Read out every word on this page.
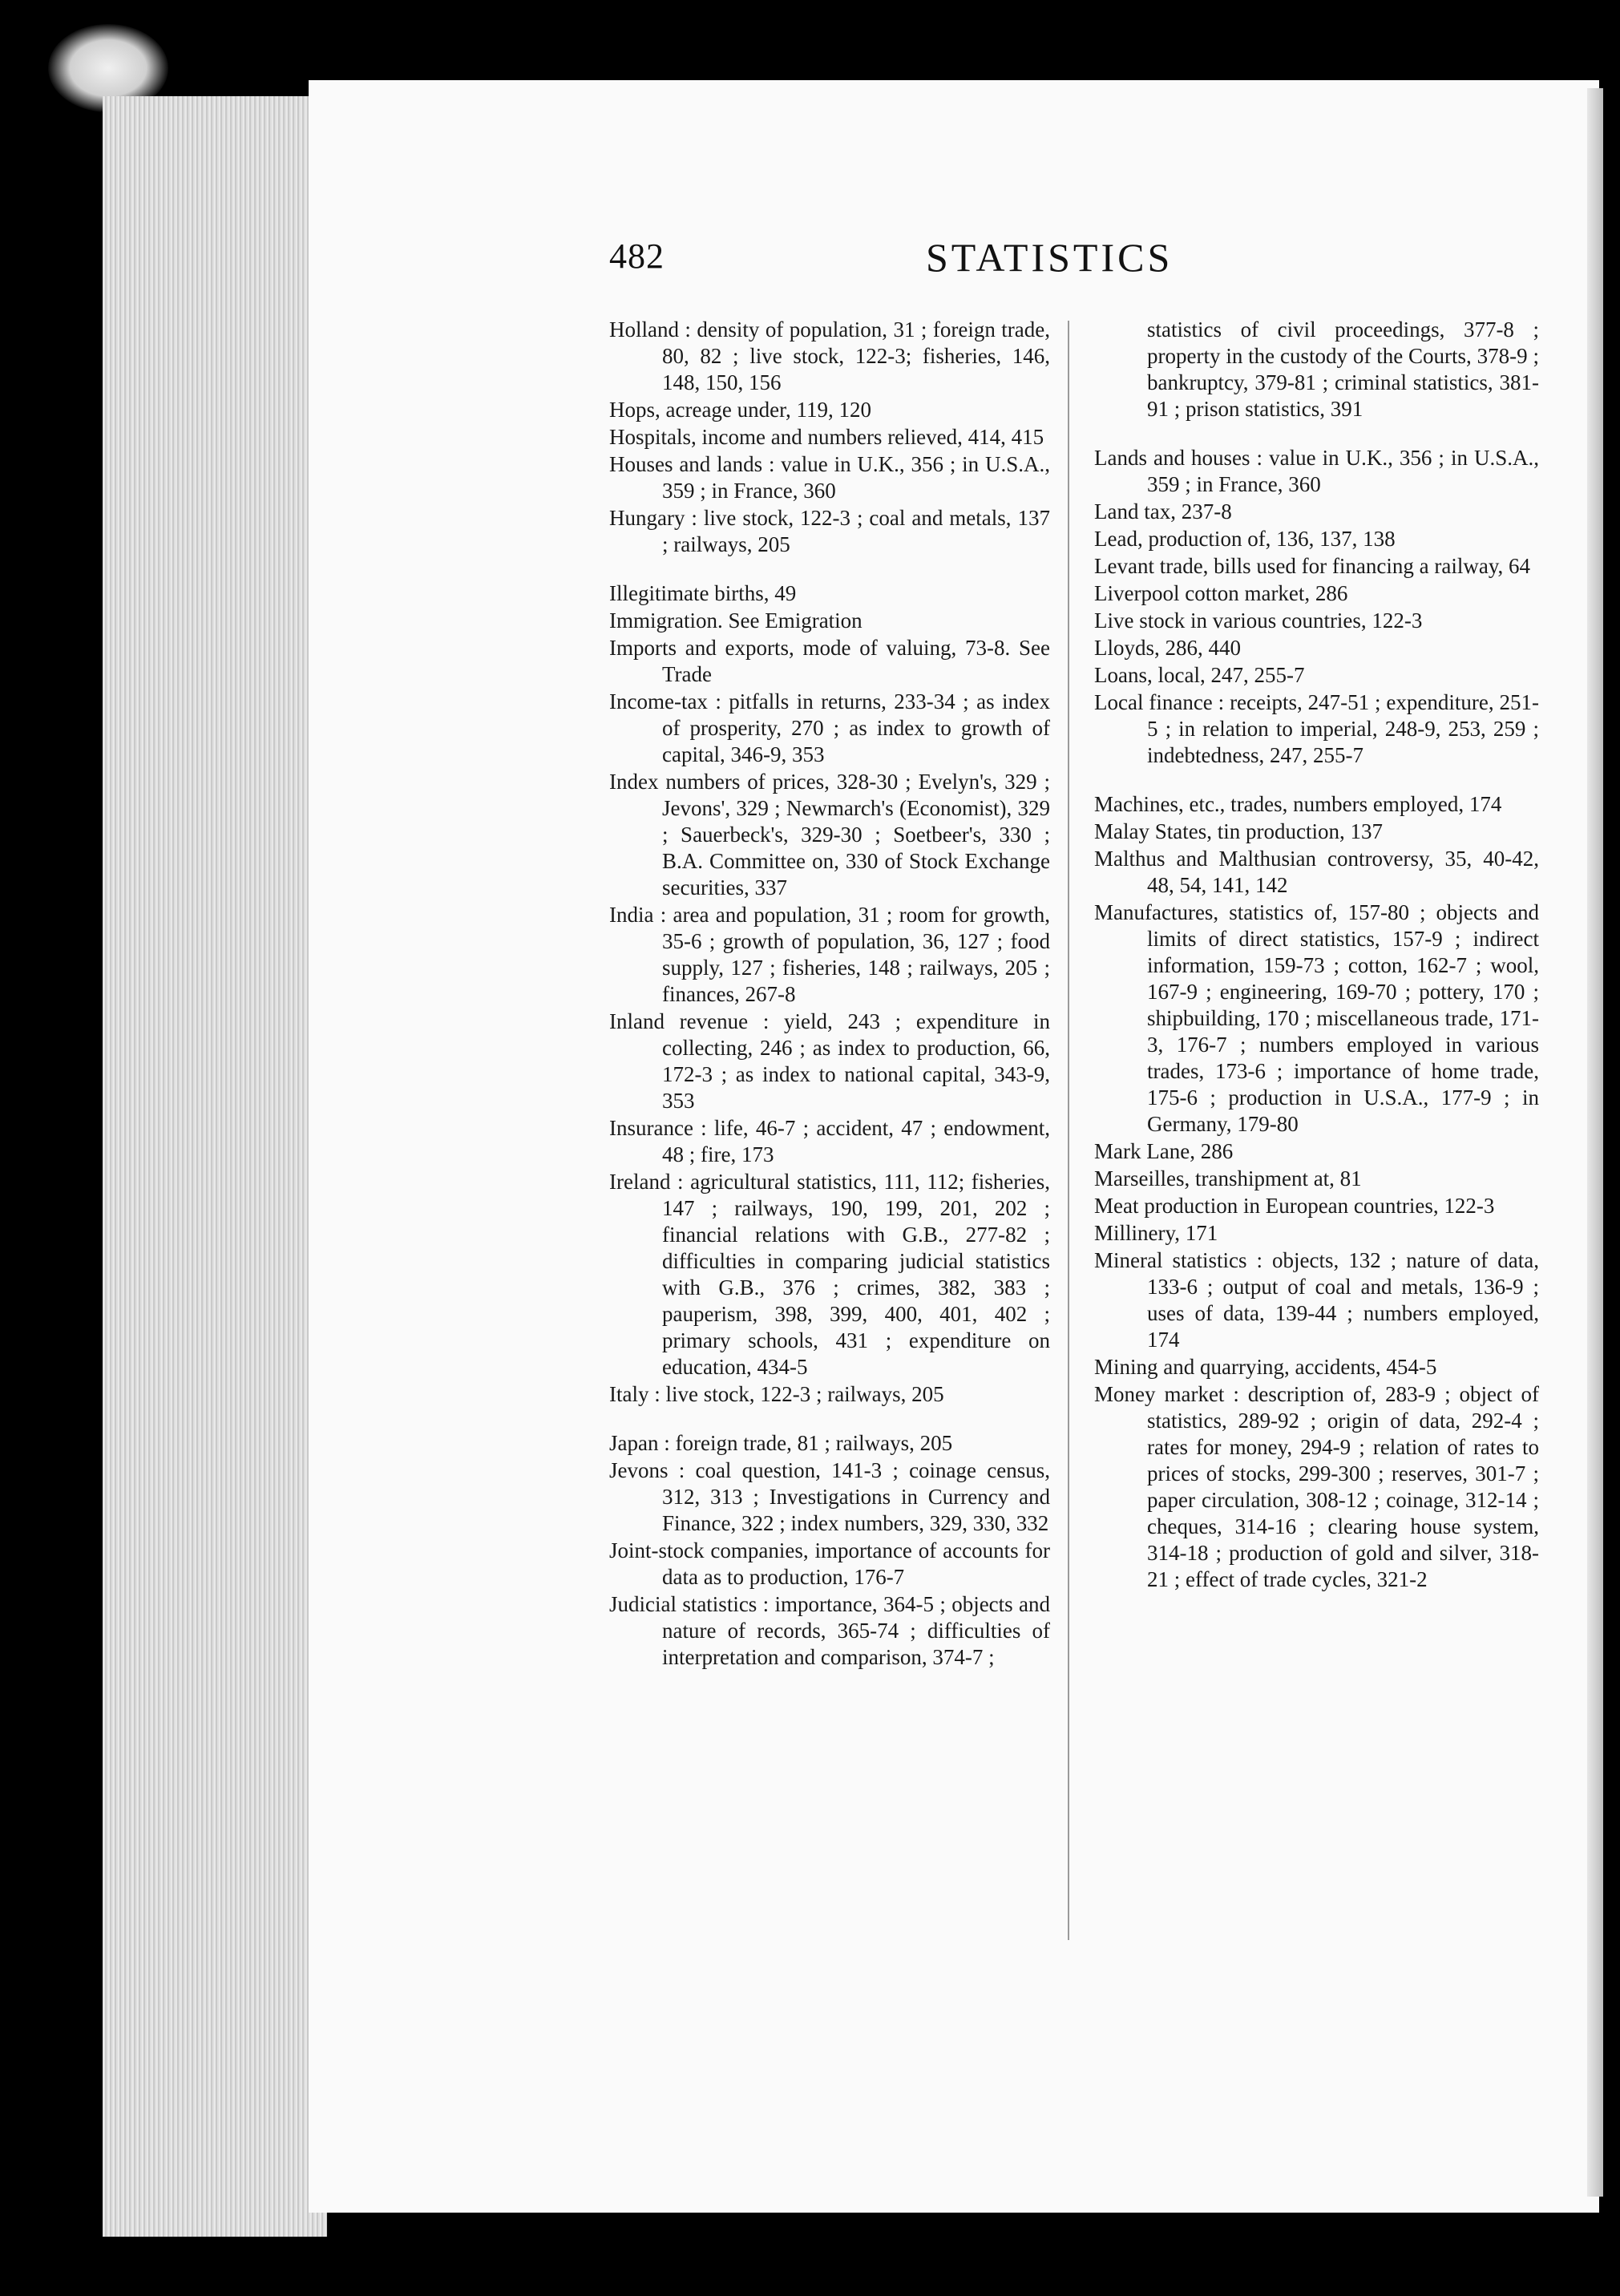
482	STATISTICS

Holland : density of population, 31 ; foreign trade, 80, 82 ; live stock, 122-3; fisheries, 146, 148, 150, 156

Hops, acreage under, 119, 120

Hospitals, income and numbers relieved, 414, 415

Houses and lands : value in U.K., 356 ; in U.S.A., 359 ; in France, 360

Hungary : live stock, 122-3 ; coal and metals, 137 ; railways, 205

Illegitimate births, 49

Immigration. See Emigration

Imports and exports, mode of valuing, 73-8. See Trade

Income-tax : pitfalls in returns, 233-34 ; as index of prosperity, 270 ; as index to growth of capital, 346-9, 353

Index numbers of prices, 328-30 ; Evelyn's, 329 ; Jevons', 329 ; Newmarch's (Economist), 329 ; Sauerbeck's, 329-30 ; Soetbeer's, 330 ; B.A. Committee on, 330 of Stock Exchange securities, 337

India : area and population, 31 ; room for growth, 35-6 ; growth of population, 36, 127 ; food supply, 127 ; fisheries, 148 ; railways, 205 ; finances, 267-8

Inland revenue : yield, 243 ; expenditure in collecting, 246 ; as index to production, 66, 172-3 ; as index to national capital, 343-9, 353

Insurance : life, 46-7 ; accident, 47 ; endowment, 48 ; fire, 173

Ireland : agricultural statistics, 111, 112; fisheries, 147 ; railways, 190, 199, 201, 202 ; financial relations with G.B., 277-82 ; difficulties in comparing judicial statistics with G.B., 376 ; crimes, 382, 383 ; pauperism, 398, 399, 400, 401, 402 ; primary schools, 431 ; expenditure on education, 434-5

Italy : live stock, 122-3 ; railways, 205

Japan : foreign trade, 81 ; railways, 205

Jevons : coal question, 141-3 ; coinage census, 312, 313 ; Investigations in Currency and Finance, 322 ; index numbers, 329, 330, 332

Joint-stock companies, importance of accounts for data as to production, 176-7

Judicial statistics : importance, 364-5 ; objects and nature of records, 365-74 ; difficulties of interpretation and comparison, 374-7 ;

statistics of civil proceedings, 377-8 ; property in the custody of the Courts, 378-9 ; bankruptcy, 379-81 ; criminal statistics, 381-91 ; prison statistics, 391

Lands and houses : value in U.K., 356 ; in U.S.A., 359 ; in France, 360

Land tax, 237-8

Lead, production of, 136, 137, 138

Levant trade, bills used for financing a railway, 64

Liverpool cotton market, 286

Live stock in various countries, 122-3

Lloyds, 286, 440

Loans, local, 247, 255-7

Local finance : receipts, 247-51 ; expenditure, 251-5 ; in relation to imperial, 248-9, 253, 259 ; indebtedness, 247, 255-7

Machines, etc., trades, numbers employed, 174

Malay States, tin production, 137

Malthus and Malthusian controversy, 35, 40-42, 48, 54, 141, 142

Manufactures, statistics of, 157-80 ; objects and limits of direct statistics, 157-9 ; indirect information, 159-73 ; cotton, 162-7 ; wool, 167-9 ; engineering, 169-70 ; pottery, 170 ; shipbuilding, 170 ; miscellaneous trade, 171-3, 176-7 ; numbers employed in various trades, 173-6 ; importance of home trade, 175-6 ; production in U.S.A., 177-9 ; in Germany, 179-80

Mark Lane, 286

Marseilles, transhipment at, 81

Meat production in European countries, 122-3

Millinery, 171

Mineral statistics : objects, 132 ; nature of data, 133-6 ; output of coal and metals, 136-9 ; uses of data, 139-44 ; numbers employed, 174

Mining and quarrying, accidents, 454-5

Money market : description of, 283-9 ; object of statistics, 289-92 ; origin of data, 292-4 ; rates for money, 294-9 ; relation of rates to prices of stocks, 299-300 ; reserves, 301-7 ; paper circulation, 308-12 ; coinage, 312-14 ; cheques, 314-16 ; clearing house system, 314-18 ; production of gold and silver, 318-21 ; effect of trade cycles, 321-2
